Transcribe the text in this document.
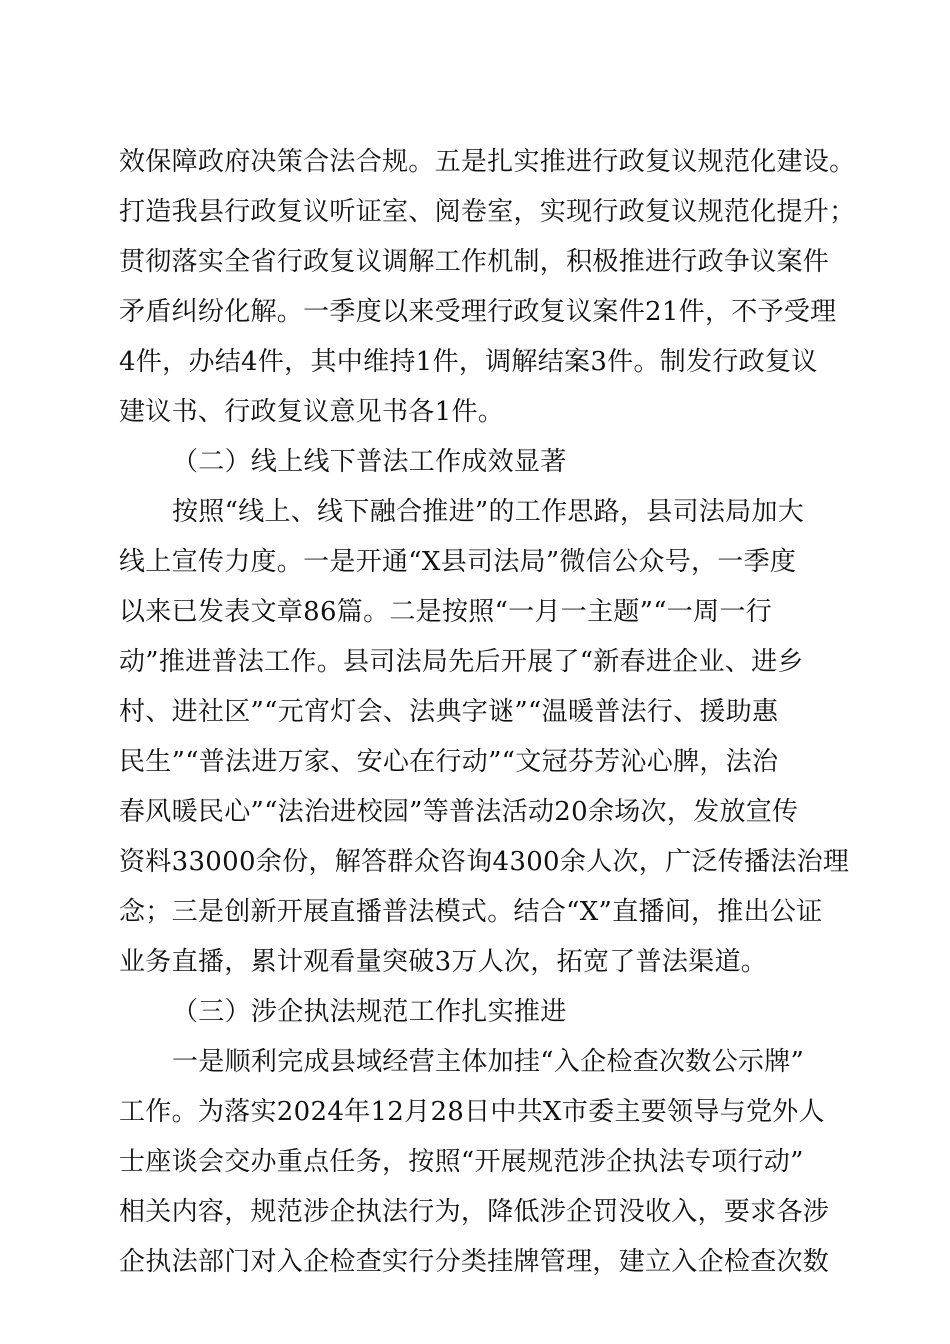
效保障政府决策合法合规。五是扎实推进行政复议规范化建设。
打造我县行政复议听证室、阅卷室，实现行政复议规范化提升；
贯彻落实全省行政复议调解工作机制，积极推进行政争议案件
矛盾纠纷化解。一季度以来受理行政复议案件21件，不予受理
4件，办结4件，其中维持1件，调解结案3件。制发行政复议
建议书、行政复议意见书各1件。
（二）线上线下普法工作成效显著
按照“线上、线下融合推进”的工作思路，县司法局加大
线上宣传力度。一是开通“X县司法局”微信公众号，一季度
以来已发表文章86篇。二是按照“一月一主题”“一周一行
动”推进普法工作。县司法局先后开展了“新春进企业、进乡
村、进社区”“元宵灯会、法典字谜”“温暖普法行、援助惠
民生”“普法进万家、安心在行动”“文冠芬芳沁心脾，法治
春风暖民心”“法治进校园”等普法活动20余场次，发放宣传
资料33000余份，解答群众咨询4300余人次，广泛传播法治理
念；三是创新开展直播普法模式。结合“X”直播间，推出公证
业务直播，累计观看量突破3万人次，拓宽了普法渠道。
（三）涉企执法规范工作扎实推进
一是顺利完成县域经营主体加挂“入企检查次数公示牌”
工作。为落实2024年12月28日中共X市委主要领导与党外人
士座谈会交办重点任务，按照“开展规范涉企执法专项行动”
相关内容，规范涉企执法行为，降低涉企罚没收入，要求各涉
企执法部门对入企检查实行分类挂牌管理，建立入企检查次数
